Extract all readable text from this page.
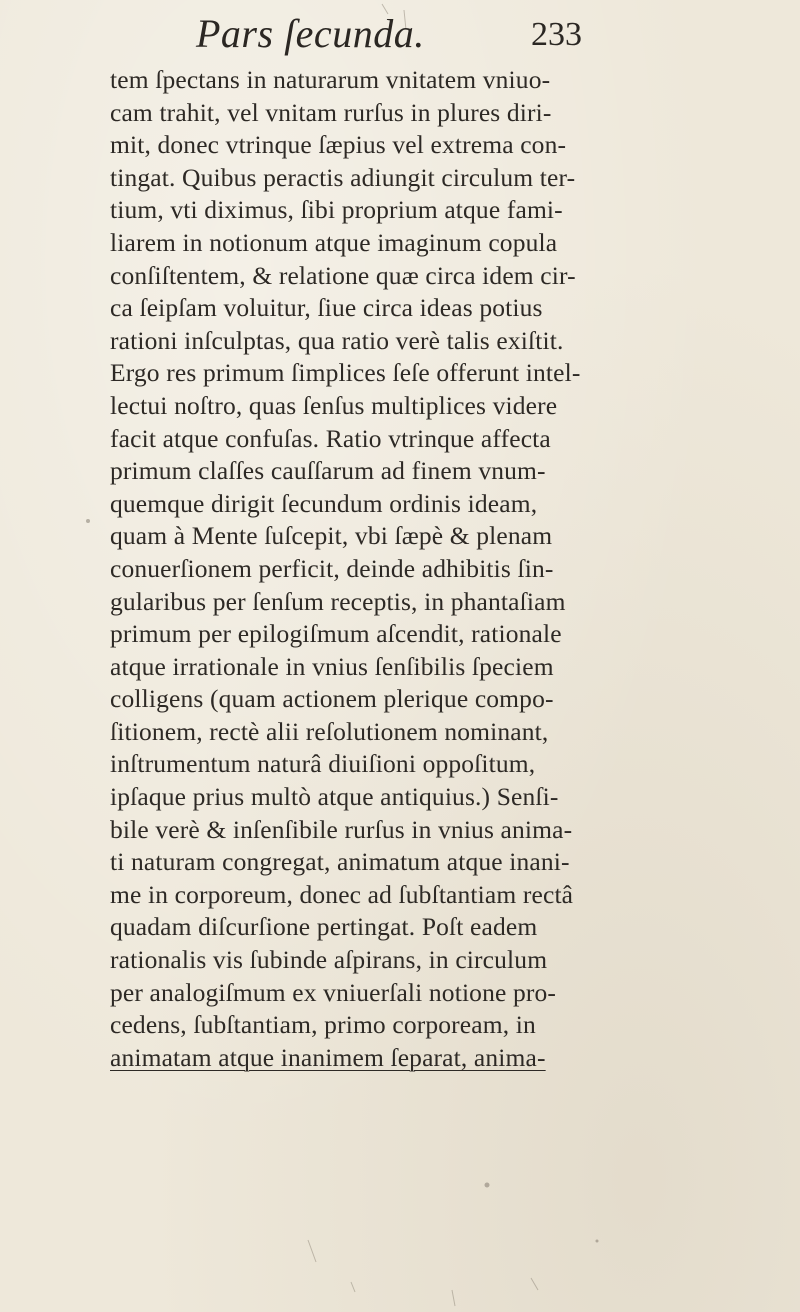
Pars ſecunda.	233
tem ſpectans in naturarum vnitatem vniuo-
cam trahit, vel vnitam rurſus in plures diri-
mit, donec vtrinque ſæpius vel extrema con-
tingat. Quibus peractis adiungit circulum ter-
tium, vti diximus, ſibi proprium atque fami-
liarem in notionum atque imaginum copula
conſiſtentem, & relatione quæ circa idem cir-
ca ſeipſam voluitur, ſiue circa ideas potius
rationi inſculptas, qua ratio verè talis exiſtit.
Ergo res primum ſimplices ſeſe offerunt intel-
lectui noſtro, quas ſenſus multiplices videre
facit atque confuſas. Ratio vtrinque affecta
primum claſſes cauſſarum ad finem vnum-
quemque dirigit ſecundum ordinis ideam,
quam à Mente ſuſcepit, vbi ſæpè & plenam
conuerſionem perficit, deinde adhibitis ſin-
gularibus per ſenſum receptis, in phantaſiam
primum per epilogiſmum aſcendit, rationale
atque irrationale in vnius ſenſibilis ſpeciem
colligens (quam actionem plerique compo-
ſitionem, rectè alii reſolutionem nominant,
inſtrumentum naturâ diuiſioni oppoſitum,
ipſaque prius multò atque antiquius.) Senſi-
bile verè & inſenſibile rurſus in vnius anima-
ti naturam congregat, animatum atque inani-
me in corporeum, donec ad ſubſtantiam rectâ
quadam diſcurſione pertingat. Poſt eadem
rationalis vis ſubinde aſpirans, in circulum
per analogiſmum ex vniuerſali notione pro-
cedens, ſubſtantiam, primo corpoream, in
animatam atque inanimem ſeparat, anima-
